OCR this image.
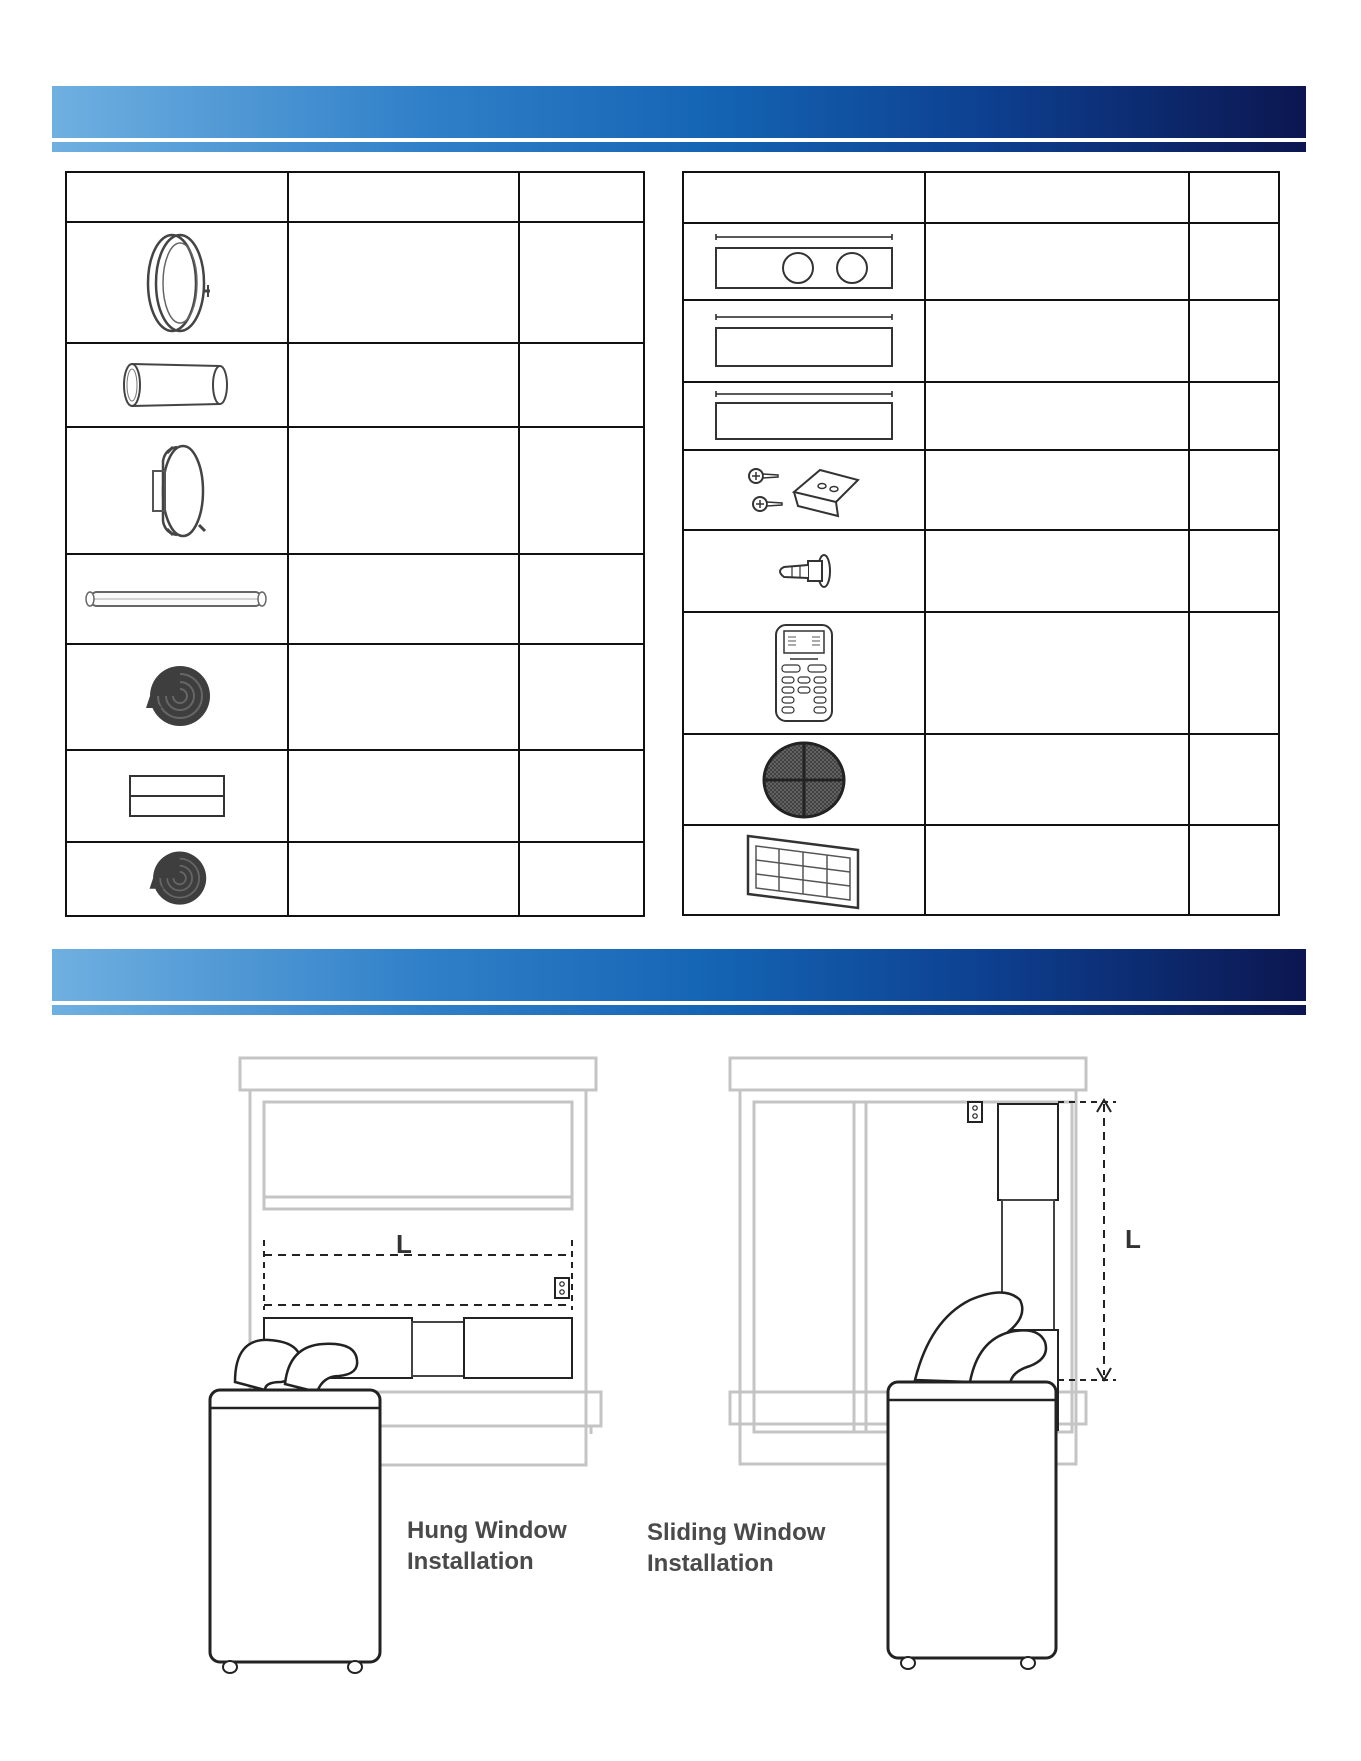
L
Hung Window
Installation
L
Sliding Window
Installation
